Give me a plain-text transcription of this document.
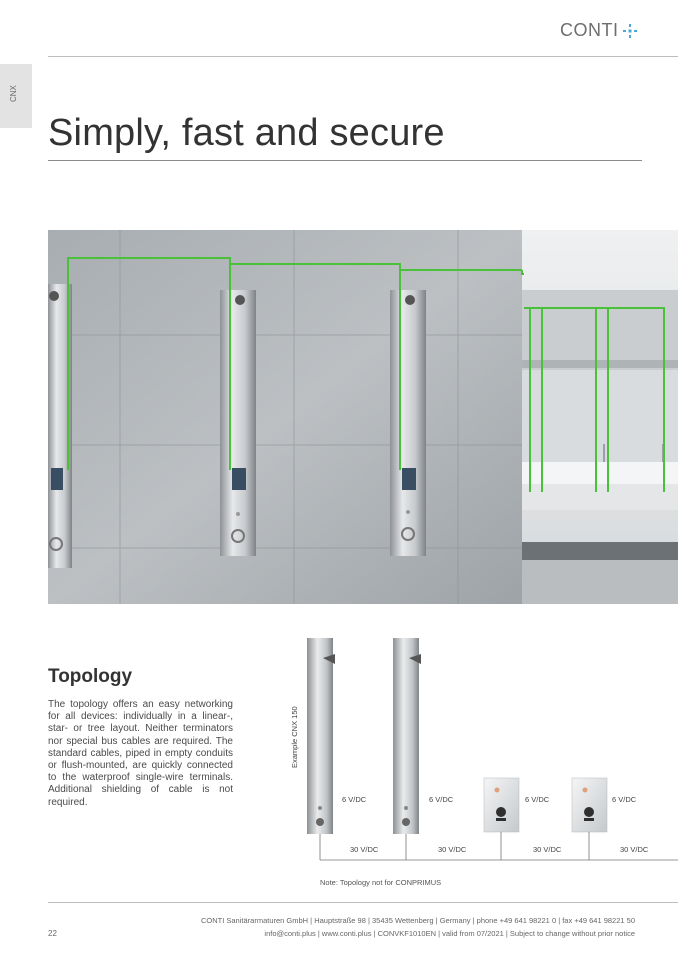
CONTI
CNX
Simply, fast and secure
Topology

The topology offers an easy networking for all devices: individually in a linear-, star- or tree layout. Neither terminators nor special bus cables are required. The standard cables, piped in empty conduits or flush-mounted, are quickly connected to the waterproof single-wire terminals. Additional shielding of cable is not required.

Example CNX 150
6 V/DC	6 V/DC	6 V/DC	6 V/DC
30 V/DC	30 V/DC	30 V/DC	30 V/DC
Note: Topology not for CONPRIMUS
22
CONTI Sanitärarmaturen GmbH | Hauptstraße 98 | 35435 Wettenberg | Germany | phone +49 641 98221 0 | fax +49 641 98221 50
info@conti.plus | www.conti.plus | CONVKF1010EN | valid from 07/2021 | Subject to change without prior notice
